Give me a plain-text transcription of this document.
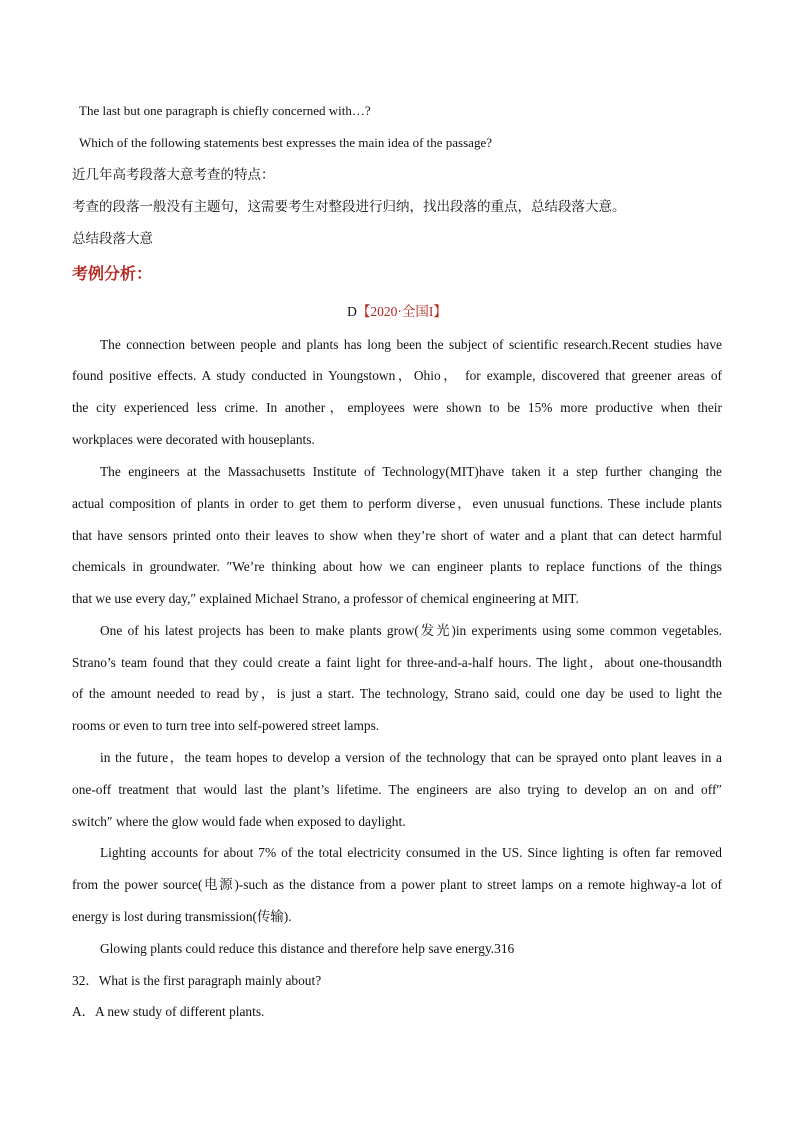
The last but one paragraph is chiefly concerned with…?
Which of the following statements best expresses the main idea of the passage?
近几年高考段落大意考查的特点：
考查的段落一般没有主题句，这需要考生对整段进行归纳，找出段落的重点，总结段落大意。
总结段落大意
考例分析：
D【2020·全国I】
The connection between people and plants has long been the subject of scientific research.Recent studies have
found positive effects. A study conducted in Youngstown，Ohio， for example, discovered that greener areas of
the city experienced less crime. In another，employees were shown to be 15% more productive when their
workplaces were decorated with houseplants.
The engineers at the Massachusetts Institute of Technology(MIT)have taken it a step further changing the
actual composition of plants in order to get them to perform diverse，even unusual functions. These include plants
that have sensors printed onto their leaves to show when they’re short of water and a plant that can detect harmful
chemicals in groundwater. ″We’re thinking about how we can engineer plants to replace functions of the things
that we use every day,″ explained Michael Strano, a professor of chemical engineering at MIT.
One of his latest projects has been to make plants grow(发光)in experiments using some common vegetables.
Strano’s team found that they could create a faint light for three-and-a-half hours. The light，about one-thousandth
of the amount needed to read by，is just a start. The technology, Strano said, could one day be used to light the
rooms or even to turn tree into self-powered street lamps.
in the future，the team hopes to develop a version of the technology that can be sprayed onto plant leaves in a
one-off treatment that would last the plant’s lifetime. The engineers are also trying to develop an on and off″
switch″ where the glow would fade when exposed to daylight.
Lighting accounts for about 7% of the total electricity consumed in the US. Since lighting is often far removed
from the power source(电源)-such as the distance from a power plant to street lamps on a remote highway-a lot of
energy is lost during transmission(传输).
Glowing plants could reduce this distance and therefore help save energy.316
32．What is the first paragraph mainly about?
A．A new study of different plants.
